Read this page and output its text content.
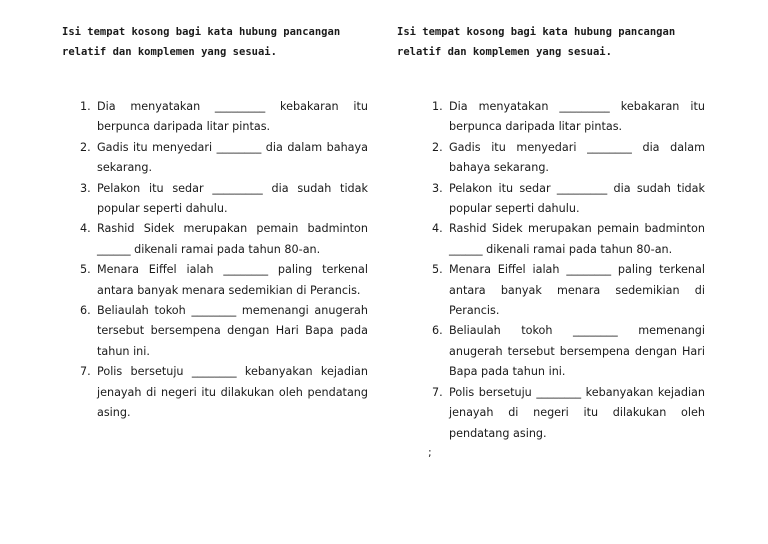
Isi tempat kosong bagi kata hubung pancangan
relatif dan komplemen yang sesuai.

1. Dia menyatakan _________ kebakaran itu berpunca daripada litar pintas.
2. Gadis itu menyedari ________ dia dalam bahaya sekarang.
3. Pelakon itu sedar _________ dia sudah tidak popular seperti dahulu.
4. Rashid Sidek merupakan pemain badminton ______ dikenali ramai pada tahun 80-an.
5. Menara Eiffel ialah ________ paling terkenal antara banyak menara sedemikian di Perancis.
6. Beliaulah tokoh ________ memenangi anugerah tersebut bersempena dengan Hari Bapa pada tahun ini.
7. Polis bersetuju ________ kebanyakan kejadian jenayah di negeri itu dilakukan oleh pendatang asing.

Isi tempat kosong bagi kata hubung pancangan
relatif dan komplemen yang sesuai.

1. Dia menyatakan _________ kebakaran itu berpunca daripada litar pintas.
2. Gadis itu menyedari ________ dia dalam bahaya sekarang.
3. Pelakon itu sedar _________ dia sudah tidak popular seperti dahulu.
4. Rashid Sidek merupakan pemain badminton ______ dikenali ramai pada tahun 80-an.
5. Menara Eiffel ialah ________ paling terkenal antara banyak menara sedemikian di Perancis.
6. Beliaulah tokoh ________ memenangi anugerah tersebut bersempena dengan Hari Bapa pada tahun ini.
7. Polis bersetuju ________ kebanyakan kejadian jenayah di negeri itu dilakukan oleh pendatang asing.
;
